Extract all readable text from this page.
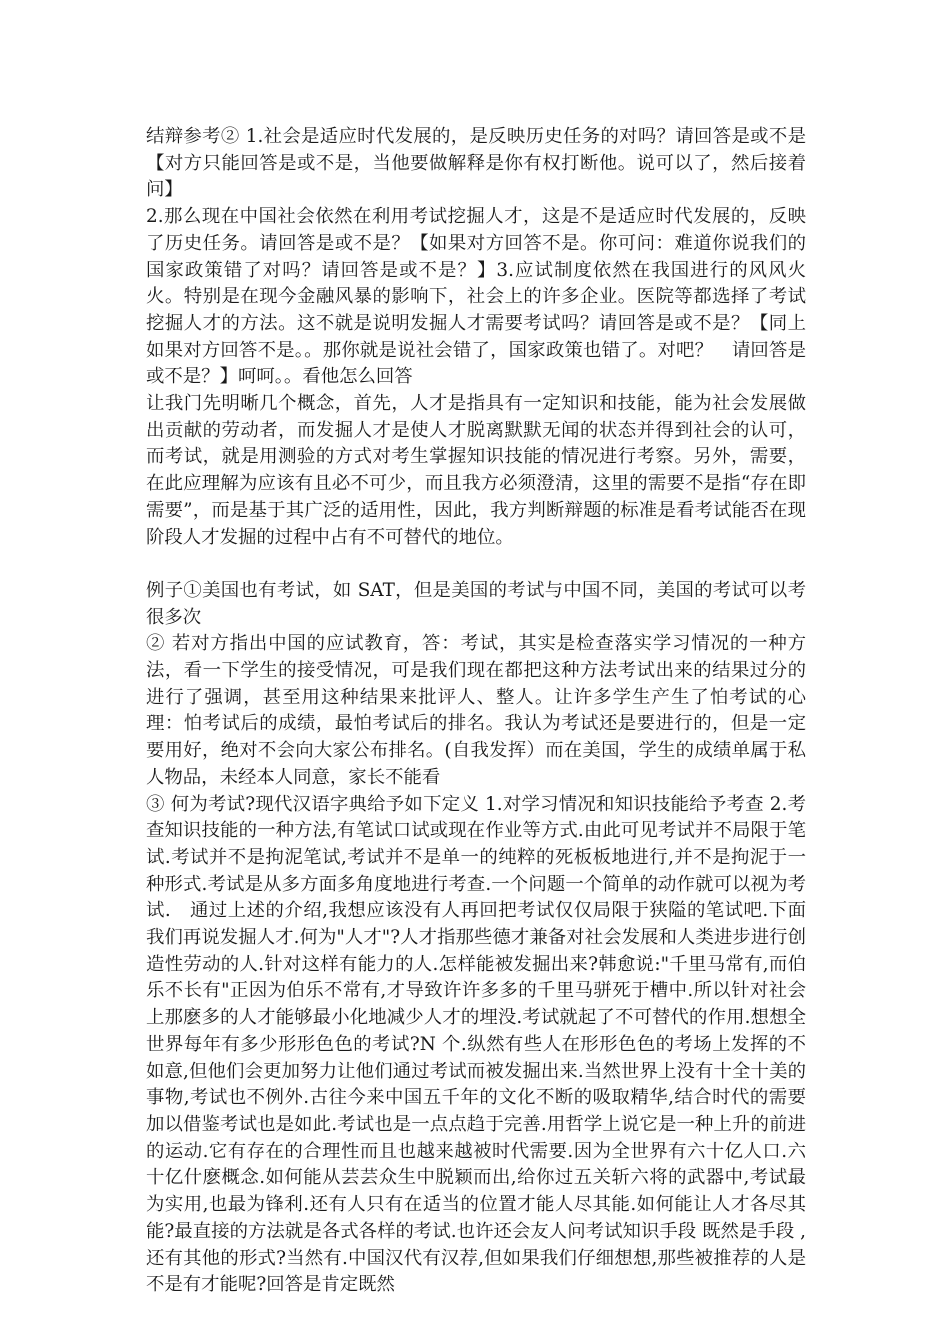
结辩参考② 1.社会是适应时代发展的，是反映历史任务的对吗？请回答是或不是【对方只能回答是或不是，当他要做解释是你有权打断他。说可以了，然后接着问】

2.那么现在中国社会依然在利用考试挖掘人才，这是不是适应时代发展的，反映了历史任务。请回答是或不是？【如果对方回答不是。你可问：难道你说我们的国家政策错了对吗？请回答是或不是？】3.应试制度依然在我国进行的风风火火。特别是在现今金融风暴的影响下，社会上的许多企业。医院等都选择了考试挖掘人才的方法。这不就是说明发掘人才需要考试吗？请回答是或不是？【同上如果对方回答不是。。那你就是说社会错了，国家政策也错了。对吧？　请回答是或不是？】呵呵。。看他怎么回答

让我门先明晰几个概念，首先，人才是指具有一定知识和技能，能为社会发展做出贡献的劳动者，而发掘人才是使人才脱离默默无闻的状态并得到社会的认可，而考试，就是用测验的方式对考生掌握知识技能的情况进行考察。另外，需要，在此应理解为应该有且必不可少，而且我方必须澄清，这里的需要不是指“存在即需要”，而是基于其广泛的适用性，因此，我方判断辩题的标准是看考试能否在现阶段人才发掘的过程中占有不可替代的地位。

例子①美国也有考试，如 SAT，但是美国的考试与中国不同，美国的考试可以考很多次

② 若对方指出中国的应试教育，答：考试，其实是检查落实学习情况的一种方法，看一下学生的接受情况，可是我们现在都把这种方法考试出来的结果过分的进行了强调，甚至用这种结果来批评人、整人。让许多学生产生了怕考试的心理：怕考试后的成绩，最怕考试后的排名。我认为考试还是要进行的，但是一定要用好，绝对不会向大家公布排名。(自我发挥）而在美国，学生的成绩单属于私人物品，未经本人同意，家长不能看

③ 何为考试?现代汉语字典给予如下定义 1.对学习情况和知识技能给予考查 2.考查知识技能的一种方法,有笔试口试或现在作业等方式.由此可见考试并不局限于笔试.考试并不是拘泥笔试,考试并不是单一的纯粹的死板板地进行,并不是拘泥于一种形式.考试是从多方面多角度地进行考查.一个问题一个简单的动作就可以视为考试.　通过上述的介绍,我想应该没有人再回把考试仅仅局限于狭隘的笔试吧.下面我们再说发掘人才.何为"人才"?人才指那些德才兼备对社会发展和人类进步进行创造性劳动的人.针对这样有能力的人.怎样能被发掘出来?韩愈说:"千里马常有,而伯乐不长有"正因为伯乐不常有,才导致许许多多的千里马骈死于槽中.所以针对社会上那麽多的人才能够最小化地减少人才的埋没.考试就起了不可替代的作用.想想全世界每年有多少形形色色的考试?N 个.纵然有些人在形形色色的考场上发挥的不如意,但他们会更加努力让他们通过考试而被发掘出来.当然世界上没有十全十美的事物,考试也不例外.古往今来中国五千年的文化不断的吸取精华,结合时代的需要加以借鉴考试也是如此.考试也是一点点趋于完善.用哲学上说它是一种上升的前进的运动.它有存在的合理性而且也越来越被时代需要.因为全世界有六十亿人口.六十亿什麽概念.如何能从芸芸众生中脱颖而出,给你过五关斩六将的武器中,考试最为实用,也最为锋利.还有人只有在适当的位置才能人尽其能.如何能让人才各尽其能?最直接的方法就是各式各样的考试.也许还会友人问考试知识手段 既然是手段 ,还有其他的形式?当然有.中国汉代有汉荐,但如果我们仔细想想,那些被推荐的人是不是有才能呢?回答是肯定既然
